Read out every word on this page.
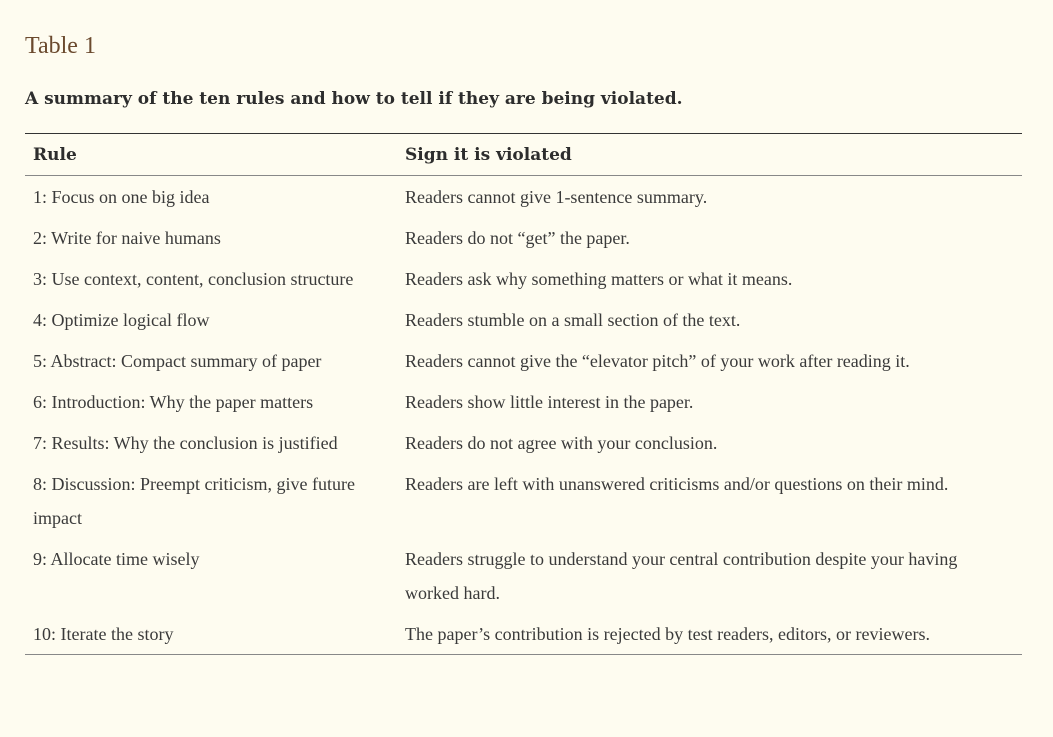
Table 1
A summary of the ten rules and how to tell if they are being violated.
Rule	Sign it is violated
1: Focus on one big idea	Readers cannot give 1-sentence summary.
2: Write for naive humans	Readers do not “get” the paper.
3: Use context, content, conclusion structure	Readers ask why something matters or what it means.
4: Optimize logical flow	Readers stumble on a small section of the text.
5: Abstract: Compact summary of paper	Readers cannot give the “elevator pitch” of your work after reading it.
6: Introduction: Why the paper matters	Readers show little interest in the paper.
7: Results: Why the conclusion is justified	Readers do not agree with your conclusion.
8: Discussion: Preempt criticism, give future impact	Readers are left with unanswered criticisms and/or questions on their mind.
9: Allocate time wisely	Readers struggle to understand your central contribution despite your having worked hard.
10: Iterate the story	The paper’s contribution is rejected by test readers, editors, or reviewers.
